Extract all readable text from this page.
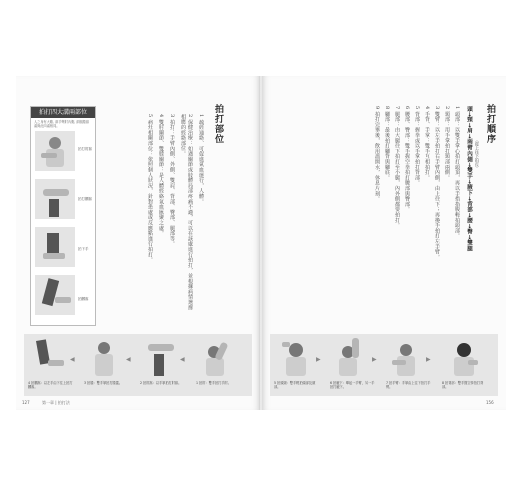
拍打四大溝兩部位
人之身有大谿, 兩手彎肘內側, 兩腿膝窩處與此四處相同。
拍打肘窩
拍打膕窩
拍下手
拍膕窩
拍打部位

1 疏經通絡、可促進氣血運行，人體。

2 保健治療：如遇關節或肢體局部疼痛不適，可以在該處進行拍打，並根據病情選擇相應的經絡部位。

3 拍打：手臂內側、外側、雙肩、背部、臀部、腿部等。

4 雙肘關節、雙膝關節：是人體經絡氣血匯聚之處。

5 病灶相關部位：依照個人狀況，針對患處或反應點進行拍打。

◀	◀	◀
4 拍膕窩：以左手由下往上拍打膕窩。
3 拍膝：雙手掌拍打膝蓋。	2 拍肘窩：以手掌拍打肘窩。	1 拍肘：雙手拍打手肘。
127	第一章 | 拍打法
拍打順序
（從上往下拍打）
頭→頸→肩→兩臂內側→雙手→腋下→背部→腰→臀→雙腿

1 頭部：以雙手掌心拍打頭頂，再以手指指腹輕拍頭部。

2 頸部：用手掌拍打頸部兩側。

3 雙臂：以左手拍打右手臂內側，由上往下；再換手拍打左手臂。

4 手背、手掌：雙手互相拍打。

5 背部：握拳或以手掌拍打背部。

6 腰部、臀部：雙手握空拳拍打腰部與臀部。

7 腿部：由大腿往下拍打至小腿，內外側都要拍打。

8 腳部：最後拍打腳背與腳底。

9 拍打完畢後，飲用溫開水，休息片刻。

▶	▶	▶
5 拍頭頸：雙手輕拍頭部及頸部。
6 拍腋下：舉起一手臂，另一手拍打腋下。
7 拍手臂：手掌由上往下拍打手臂。
8 拍背部：雙手握空拳拍打背部。
156
